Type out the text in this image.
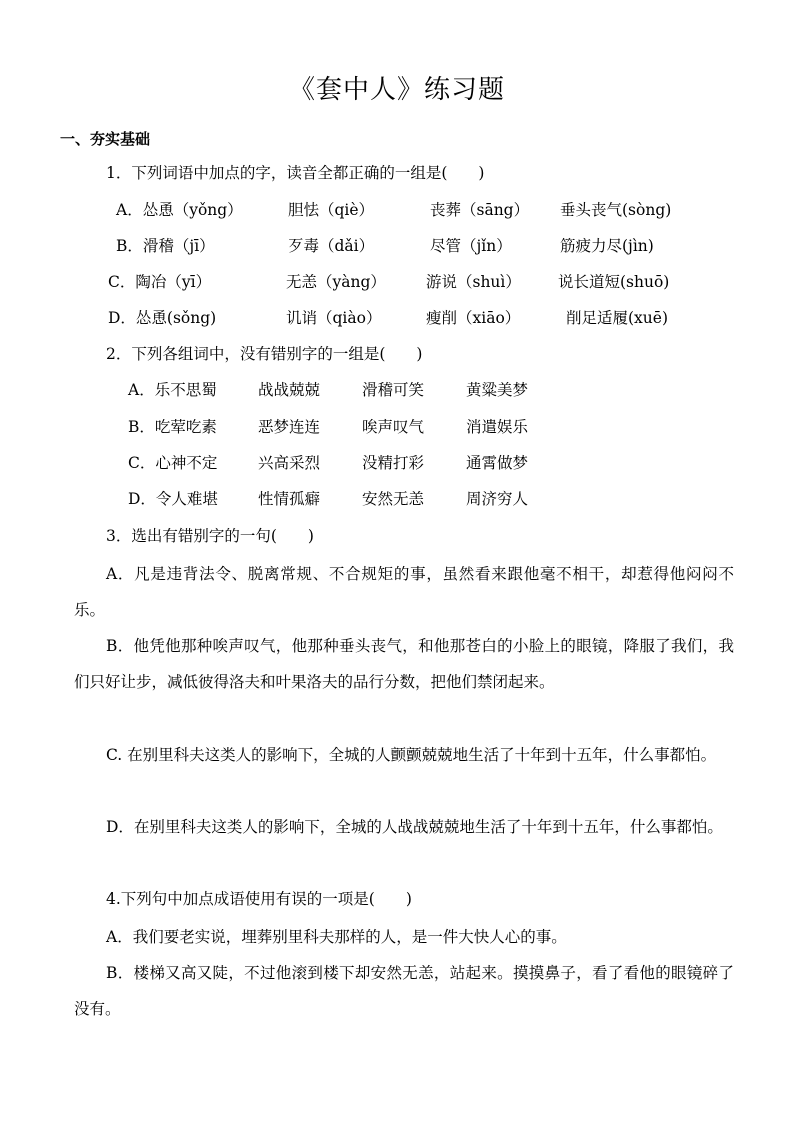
《套中人》练习题
一、夯实基础
1．下列词语中加点的字，读音全都正确的一组是(　　)
A．怂恿（yǒng）	胆怯（qiè）	丧葬（sāng）	垂头丧气(sòng)
B．滑稽（jī）	歹毒（dǎi）	尽管（jǐn）	筋疲力尽(jìn)
C．陶冶（yī）	无恙（yàng）	游说（shuì）	说长道短(shuō)
D．怂恿(sǒng)	讥诮（qiào）	瘦削（xiāo）	削足适履(xuē)
2．下列各组词中，没有错别字的一组是(　　)
A．乐不思蜀	战战兢兢	滑稽可笑	黄粱美梦
B．吃荤吃素	恶梦连连	唉声叹气	消遣娱乐
C．心神不定	兴高采烈	没精打彩	通霄做梦
D．令人难堪	性情孤癖	安然无恙	周济穷人
3．选出有错别字的一句(　　)
A．凡是违背法令、脱离常规、不合规矩的事，虽然看来跟他毫不相干，却惹得他闷闷不乐。
B．他凭他那种唉声叹气，他那种垂头丧气，和他那苍白的小脸上的眼镜，降服了我们，我们只好让步，减低彼得洛夫和叶果洛夫的品行分数，把他们禁闭起来。
C. 在别里科夫这类人的影响下，全城的人颤颤兢兢地生活了十年到十五年，什么事都怕。
D．在别里科夫这类人的影响下，全城的人战战兢兢地生活了十年到十五年，什么事都怕。
4.下列句中加点成语使用有误的一项是(　　)
A．我们要老实说，埋葬别里科夫那样的人，是一件大快人心的事。
B．楼梯又高又陡，不过他滚到楼下却安然无恙，站起来。摸摸鼻子，看了看他的眼镜碎了没有。
